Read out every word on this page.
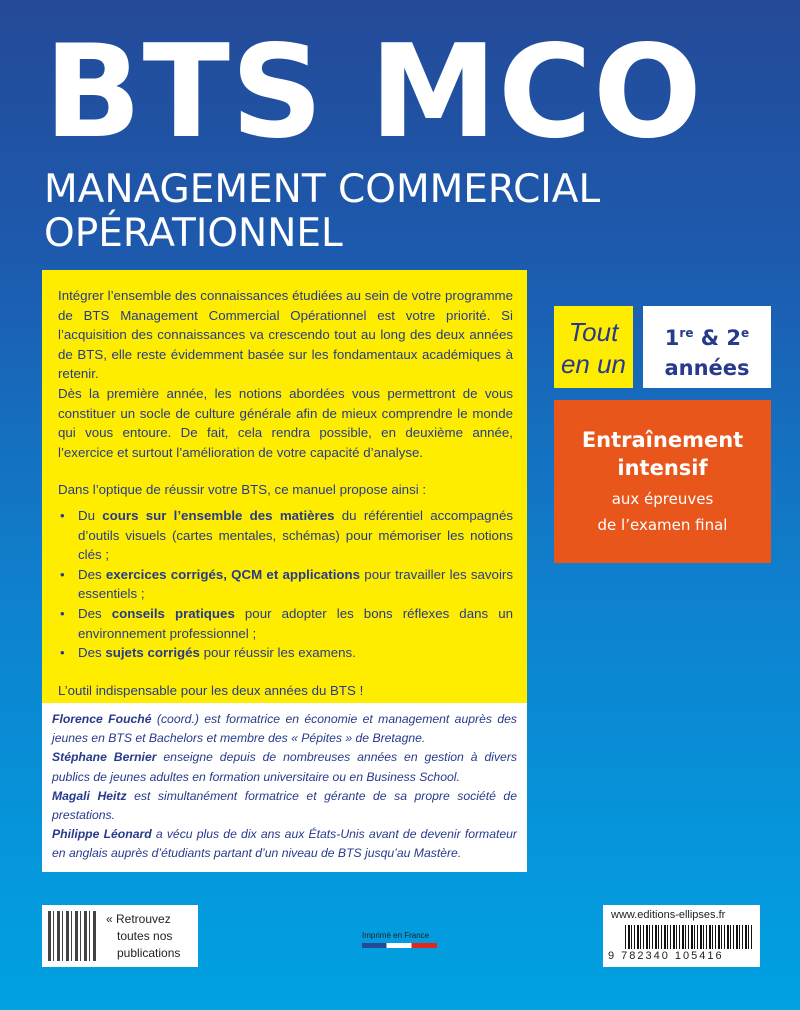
BTS MCO
MANAGEMENT COMMERCIAL
OPÉRATIONNEL

Intégrer l’ensemble des connaissances étudiées au sein de votre programme de BTS Management Commercial Opérationnel est votre priorité. Si l’acquisition des connaissances va crescendo tout au long des deux années de BTS, elle reste évidemment basée sur les fondamentaux académiques à retenir.

Dès la première année, les notions abordées vous permettront de vous constituer un socle de culture générale afin de mieux comprendre le monde qui vous entoure. De fait, cela rendra possible, en deuxième année, l’exercice et surtout l’amélioration de votre capacité d’analyse.

Dans l’optique de réussir votre BTS, ce manuel propose ainsi :

• Du cours sur l’ensemble des matières du référentiel accompagnés d’outils visuels (cartes mentales, schémas) pour mémoriser les notions clés ;
• Des exercices corrigés, QCM et applications pour travailler les savoirs essentiels ;
• Des conseils pratiques pour adopter les bons réflexes dans un environnement professionnel ;
• Des sujets corrigés pour réussir les examens.

L’outil indispensable pour les deux années du BTS !

Tout
en un
1re & 2e
années
Entraînement
intensif
aux épreuves
de l’examen final
Florence Fouché (coord.) est formatrice en économie et management auprès des jeunes en BTS et Bachelors et membre des « Pépites » de Bretagne.
Stéphane Bernier enseigne depuis de nombreuses années en gestion à divers publics de jeunes adultes en formation universitaire ou en Business School.
Magali Heitz est simultanément formatrice et gérante de sa propre société de prestations.
Philippe Léonard a vécu plus de dix ans aux États-Unis avant de devenir formateur en anglais auprès d’étudiants partant d’un niveau de BTS jusqu’au Mastère.
« Retrouvez
toutes nos
publications
Imprimé en France
www.editions-ellipses.fr
9 782340 105416
